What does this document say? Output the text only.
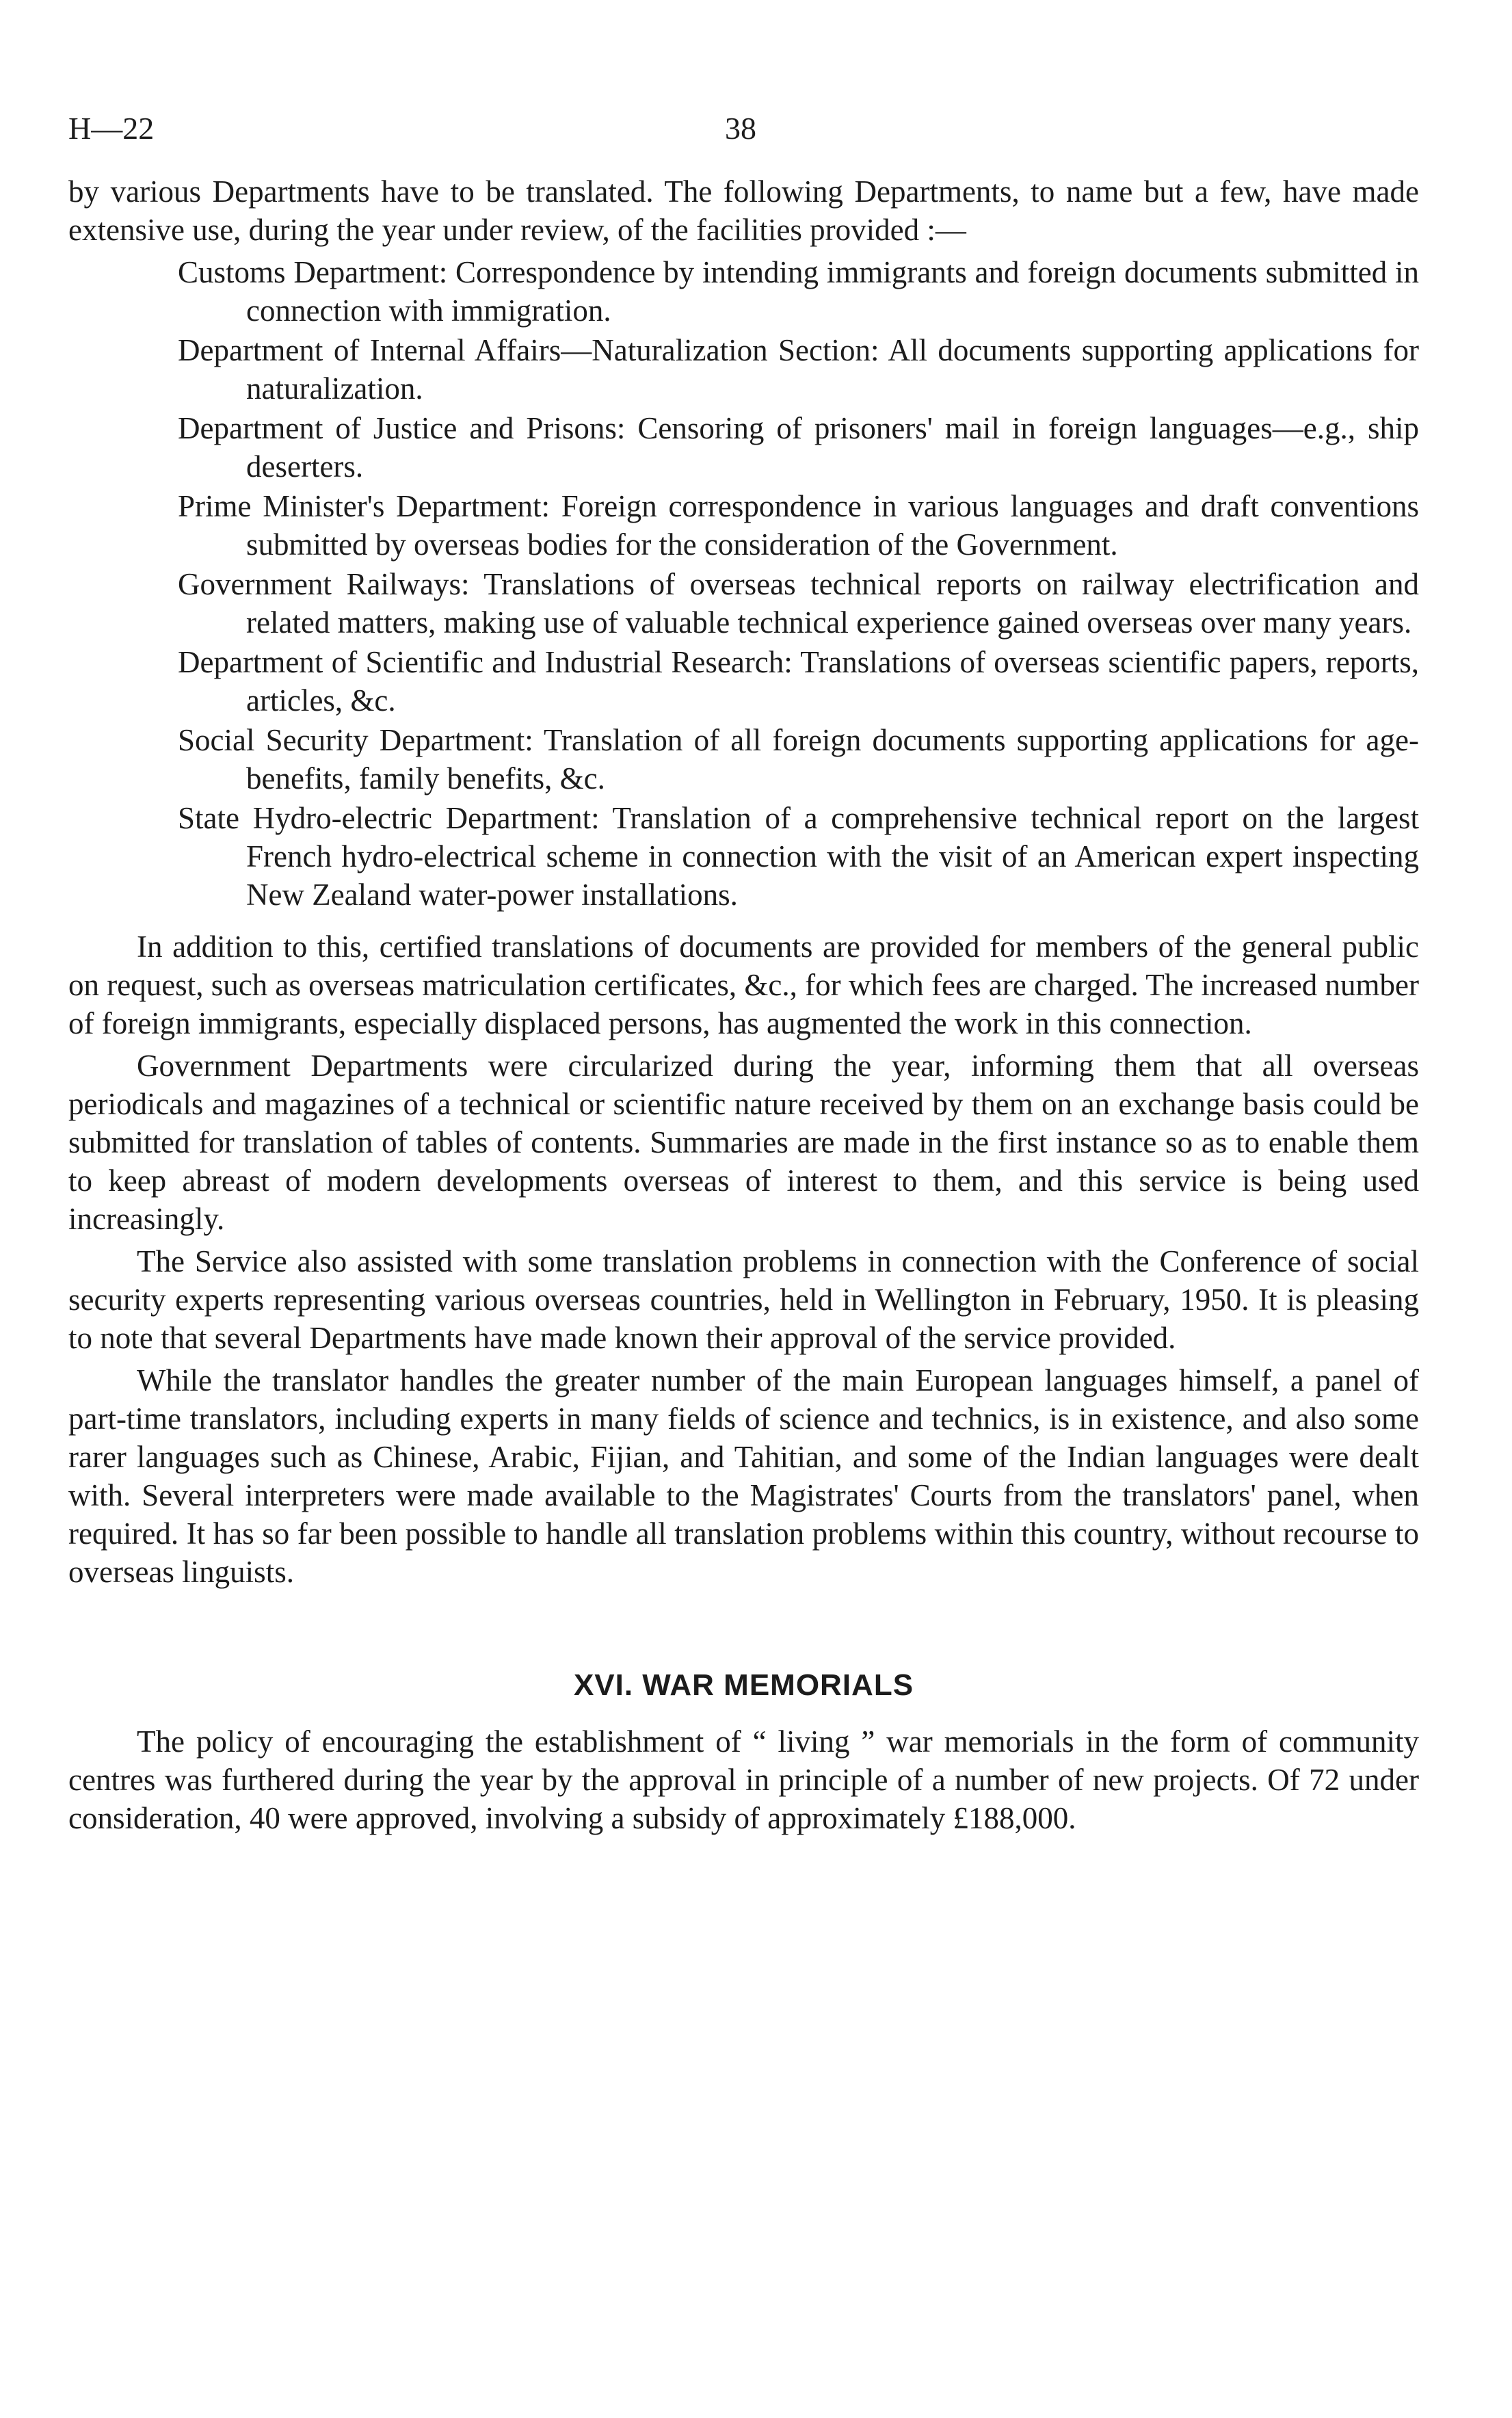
H—22	38

by various Departments have to be translated. The following Departments, to name but a few, have made extensive use, during the year under review, of the facilities provided :—

Customs Department: Correspondence by intending immigrants and foreign documents submitted in connection with immigration.
Department of Internal Affairs—Naturalization Section: All documents supporting applications for naturalization.
Department of Justice and Prisons: Censoring of prisoners' mail in foreign languages—e.g., ship deserters.
Prime Minister's Department: Foreign correspondence in various languages and draft conventions submitted by overseas bodies for the consideration of the Government.
Government Railways: Translations of overseas technical reports on railway electrification and related matters, making use of valuable technical experience gained overseas over many years.
Department of Scientific and Industrial Research: Translations of overseas scientific papers, reports, articles, &c.
Social Security Department: Translation of all foreign documents supporting applications for age-benefits, family benefits, &c.
State Hydro-electric Department: Translation of a comprehensive technical report on the largest French hydro-electrical scheme in connection with the visit of an American expert inspecting New Zealand water-power installations.

In addition to this, certified translations of documents are provided for members of the general public on request, such as overseas matriculation certificates, &c., for which fees are charged. The increased number of foreign immigrants, especially displaced persons, has augmented the work in this connection.

Government Departments were circularized during the year, informing them that all overseas periodicals and magazines of a technical or scientific nature received by them on an exchange basis could be submitted for translation of tables of contents. Summaries are made in the first instance so as to enable them to keep abreast of modern developments overseas of interest to them, and this service is being used increasingly.

The Service also assisted with some translation problems in connection with the Conference of social security experts representing various overseas countries, held in Wellington in February, 1950. It is pleasing to note that several Departments have made known their approval of the service provided.

While the translator handles the greater number of the main European languages himself, a panel of part-time translators, including experts in many fields of science and technics, is in existence, and also some rarer languages such as Chinese, Arabic, Fijian, and Tahitian, and some of the Indian languages were dealt with. Several interpreters were made available to the Magistrates' Courts from the translators' panel, when required. It has so far been possible to handle all translation problems within this country, without recourse to overseas linguists.

XVI. WAR MEMORIALS

The policy of encouraging the establishment of “ living ” war memorials in the form of community centres was furthered during the year by the approval in principle of a number of new projects. Of 72 under consideration, 40 were approved, involving a subsidy of approximately £188,000.
